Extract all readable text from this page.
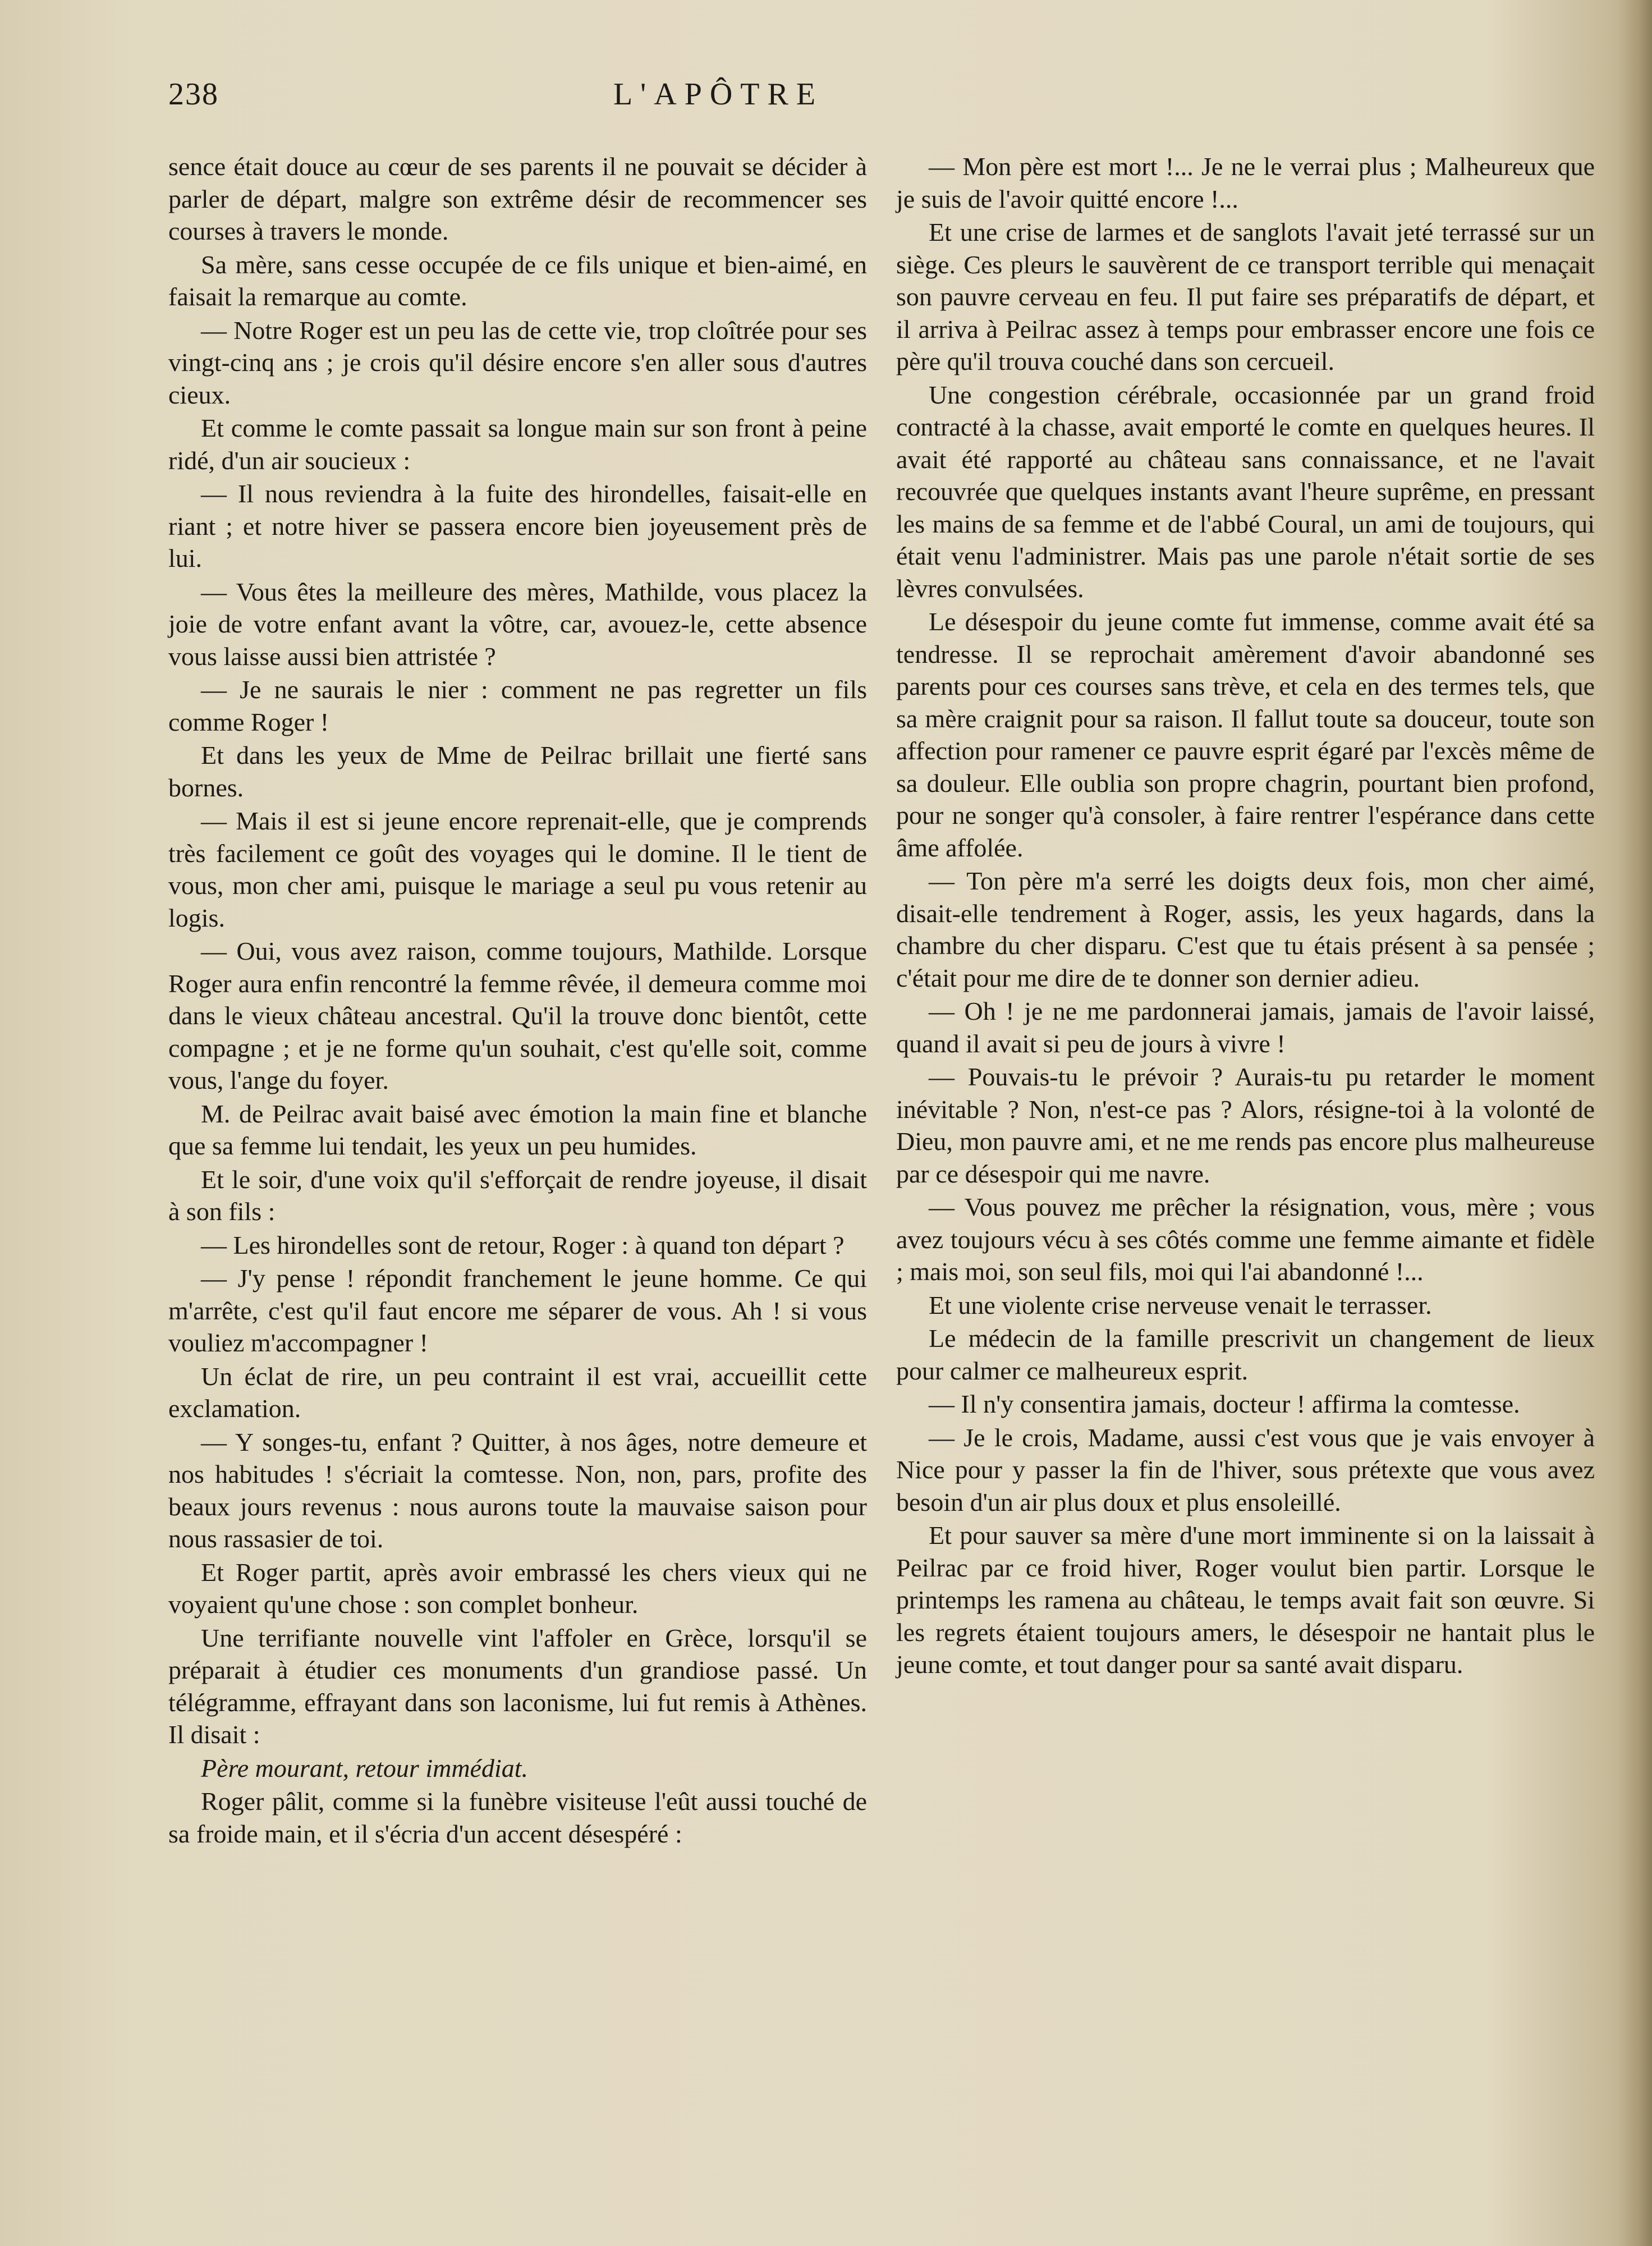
238	L'APÔTRE

sence était douce au cœur de ses parents il ne pouvait se décider à parler de départ, malgre son extrême désir de recommencer ses courses à travers le monde.

Sa mère, sans cesse occupée de ce fils unique et bien-aimé, en faisait la remarque au comte.

— Notre Roger est un peu las de cette vie, trop cloîtrée pour ses vingt-cinq ans ; je crois qu'il désire encore s'en aller sous d'autres cieux.

Et comme le comte passait sa longue main sur son front à peine ridé, d'un air soucieux :

— Il nous reviendra à la fuite des hirondelles, faisait-elle en riant ; et notre hiver se passera encore bien joyeusement près de lui.

— Vous êtes la meilleure des mères, Mathilde, vous placez la joie de votre enfant avant la vôtre, car, avouez-le, cette absence vous laisse aussi bien attristée ?

— Je ne saurais le nier : comment ne pas regretter un fils comme Roger !

Et dans les yeux de Mme de Peilrac brillait une fierté sans bornes.

— Mais il est si jeune encore reprenait-elle, que je comprends très facilement ce goût des voyages qui le domine. Il le tient de vous, mon cher ami, puisque le mariage a seul pu vous retenir au logis.

— Oui, vous avez raison, comme toujours, Mathilde. Lorsque Roger aura enfin rencontré la femme rêvée, il demeura comme moi dans le vieux château ancestral. Qu'il la trouve donc bientôt, cette compagne ; et je ne forme qu'un souhait, c'est qu'elle soit, comme vous, l'ange du foyer.

M. de Peilrac avait baisé avec émotion la main fine et blanche que sa femme lui tendait, les yeux un peu humides.

Et le soir, d'une voix qu'il s'efforçait de rendre joyeuse, il disait à son fils :

— Les hirondelles sont de retour, Roger : à quand ton départ ?

— J'y pense ! répondit franchement le jeune homme. Ce qui m'arrête, c'est qu'il faut encore me séparer de vous. Ah ! si vous vouliez m'accompagner !

Un éclat de rire, un peu contraint il est vrai, accueillit cette exclamation.

— Y songes-tu, enfant ? Quitter, à nos âges, notre demeure et nos habitudes ! s'écriait la comtesse. Non, non, pars, profite des beaux jours revenus : nous aurons toute la mauvaise saison pour nous rassasier de toi.

Et Roger partit, après avoir embrassé les chers vieux qui ne voyaient qu'une chose : son complet bonheur.

Une terrifiante nouvelle vint l'affoler en Grèce, lorsqu'il se préparait à étudier ces monuments d'un grandiose passé. Un télégramme, effrayant dans son laconisme, lui fut remis à Athènes. Il disait :

Père mourant, retour immédiat.

Roger pâlit, comme si la funèbre visiteuse l'eût aussi touché de sa froide main, et il s'écria d'un accent désespéré :

— Mon père est mort !... Je ne le verrai plus ; Malheureux que je suis de l'avoir quitté encore !...

Et une crise de larmes et de sanglots l'avait jeté terrassé sur un siège. Ces pleurs le sauvèrent de ce transport terrible qui menaçait son pauvre cerveau en feu. Il put faire ses préparatifs de départ, et il arriva à Peilrac assez à temps pour embrasser encore une fois ce père qu'il trouva couché dans son cercueil.

Une congestion cérébrale, occasionnée par un grand froid contracté à la chasse, avait emporté le comte en quelques heures. Il avait été rapporté au château sans connaissance, et ne l'avait recouvrée que quelques instants avant l'heure suprême, en pressant les mains de sa femme et de l'abbé Coural, un ami de toujours, qui était venu l'administrer. Mais pas une parole n'était sortie de ses lèvres convulsées.

Le désespoir du jeune comte fut immense, comme avait été sa tendresse. Il se reprochait amèrement d'avoir abandonné ses parents pour ces courses sans trève, et cela en des termes tels, que sa mère craignit pour sa raison. Il fallut toute sa douceur, toute son affection pour ramener ce pauvre esprit égaré par l'excès même de sa douleur. Elle oublia son propre chagrin, pourtant bien profond, pour ne songer qu'à consoler, à faire rentrer l'espérance dans cette âme affolée.

— Ton père m'a serré les doigts deux fois, mon cher aimé, disait-elle tendrement à Roger, assis, les yeux hagards, dans la chambre du cher disparu. C'est que tu étais présent à sa pensée ; c'était pour me dire de te donner son dernier adieu.

— Oh ! je ne me pardonnerai jamais, jamais de l'avoir laissé, quand il avait si peu de jours à vivre !

— Pouvais-tu le prévoir ? Aurais-tu pu retarder le moment inévitable ? Non, n'est-ce pas ? Alors, résigne-toi à la volonté de Dieu, mon pauvre ami, et ne me rends pas encore plus malheureuse par ce désespoir qui me navre.

— Vous pouvez me prêcher la résignation, vous, mère ; vous avez toujours vécu à ses côtés comme une femme aimante et fidèle ; mais moi, son seul fils, moi qui l'ai abandonné !...

Et une violente crise nerveuse venait le terrasser.

Le médecin de la famille prescrivit un changement de lieux pour calmer ce malheureux esprit.

— Il n'y consentira jamais, docteur ! affirma la comtesse.

— Je le crois, Madame, aussi c'est vous que je vais envoyer à Nice pour y passer la fin de l'hiver, sous prétexte que vous avez besoin d'un air plus doux et plus ensoleillé.

Et pour sauver sa mère d'une mort imminente si on la laissait à Peilrac par ce froid hiver, Roger voulut bien partir. Lorsque le printemps les ramena au château, le temps avait fait son œuvre. Si les regrets étaient toujours amers, le désespoir ne hantait plus le jeune comte, et tout danger pour sa santé avait disparu.
